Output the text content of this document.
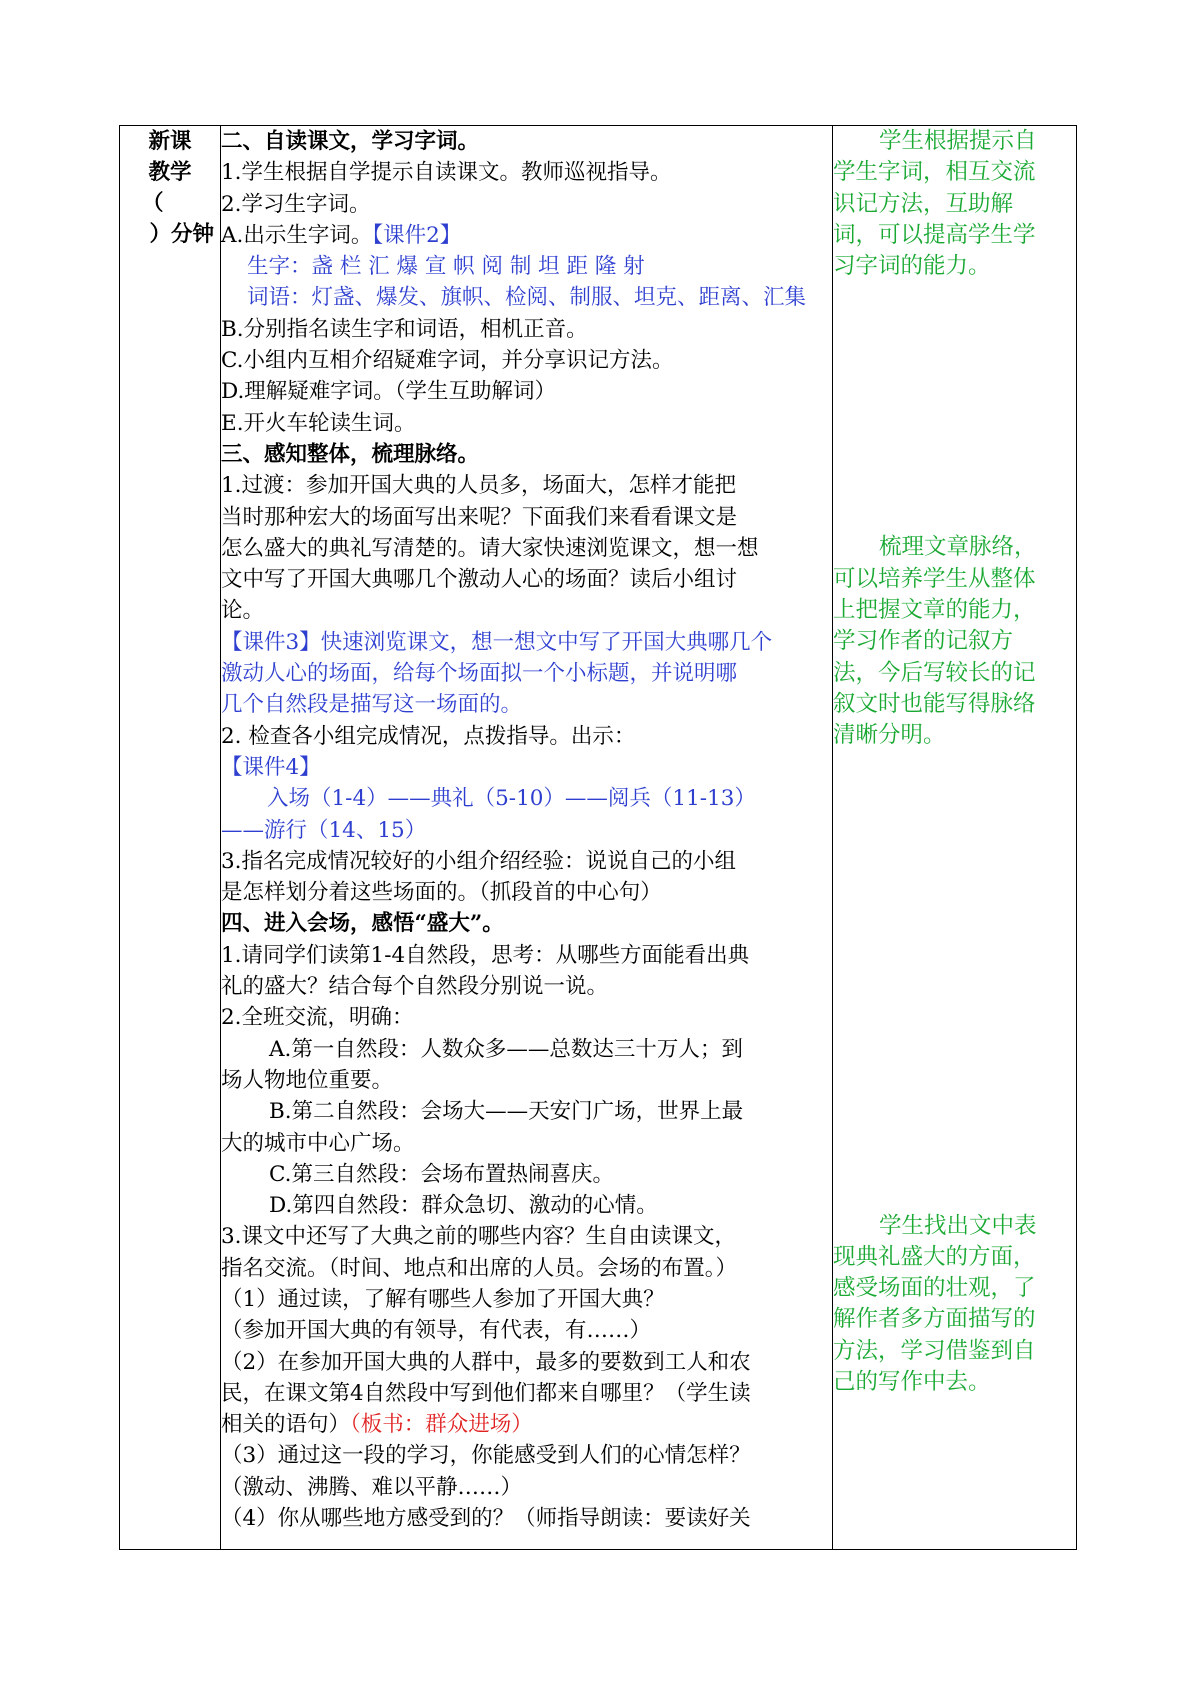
新课
教学
（
）分钟

二、自读课文，学习字词。
1.学生根据自学提示自读课文。教师巡视指导。
2.学习生字词。
A.出示生字词。【课件2】
生字：盏 栏 汇 爆 宣 帜 阅 制 坦 距 隆 射
词语：灯盏、爆发、旗帜、检阅、制服、坦克、距离、汇集
B.分别指名读生字和词语，相机正音。
C.小组内互相介绍疑难字词，并分享识记方法。
D.理解疑难字词。（学生互助解词）
E.开火车轮读生词。
三、感知整体，梳理脉络。
1.过渡：参加开国大典的人员多，场面大，怎样才能把
当时那种宏大的场面写出来呢？下面我们来看看课文是
怎么盛大的典礼写清楚的。请大家快速浏览课文，想一想
文中写了开国大典哪几个激动人心的场面？读后小组讨
论。
【课件3】快速浏览课文，想一想文中写了开国大典哪几个
激动人心的场面，给每个场面拟一个小标题，并说明哪
几个自然段是描写这一场面的。
2. 检查各小组完成情况，点拨指导。出示：
【课件4】
入场（1-4）——典礼（5-10）——阅兵（11-13）
——游行（14、15）
3.指名完成情况较好的小组介绍经验：说说自己的小组
是怎样划分着这些场面的。（抓段首的中心句）
四、进入会场，感悟“盛大”。
1.请同学们读第1-4自然段，思考：从哪些方面能看出典
礼的盛大？结合每个自然段分别说一说。
2.全班交流，明确：
A.第一自然段：人数众多——总数达三十万人；到
场人物地位重要。
B.第二自然段：会场大——天安门广场，世界上最
大的城市中心广场。
C.第三自然段：会场布置热闹喜庆。
D.第四自然段：群众急切、激动的心情。
3.课文中还写了大典之前的哪些内容？生自由读课文，
指名交流。（时间、地点和出席的人员。会场的布置。）
（1）通过读，了解有哪些人参加了开国大典？
（参加开国大典的有领导，有代表，有……）
（2）在参加开国大典的人群中，最多的要数到工人和农
民，在课文第4自然段中写到他们都来自哪里？（学生读
相关的语句）（板书：群众进场）
（3）通过这一段的学习，你能感受到人们的心情怎样？
（激动、沸腾、难以平静……）
（4）你从哪些地方感受到的？（师指导朗读：要读好关

学生根据提示自
学生字词，相互交流
识记方法，互助解
词，可以提高学生学
习字词的能力。
梳理文章脉络，
可以培养学生从整体
上把握文章的能力，
学习作者的记叙方
法，今后写较长的记
叙文时也能写得脉络
清晰分明。
学生找出文中表
现典礼盛大的方面，
感受场面的壮观，了
解作者多方面描写的
方法，学习借鉴到自
己的写作中去。
